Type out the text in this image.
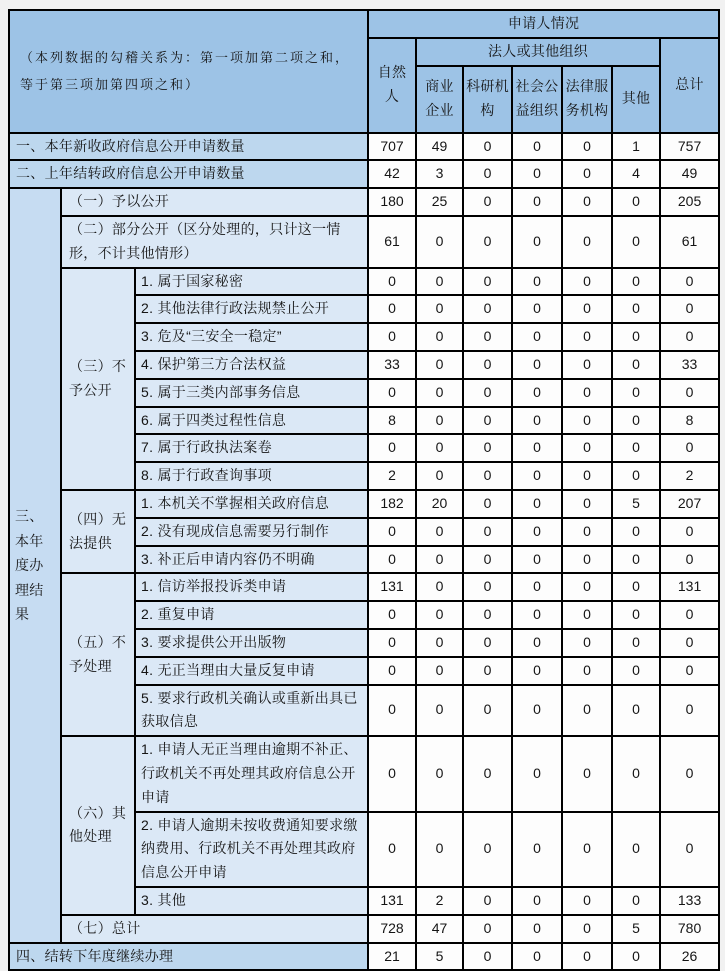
（本列数据的勾稽关系为：第一项加第二项之和，等于第三项加第四项之和）			申请人情况						
			自然人	法人或其他组织					总计
				商业企业	科研机构	社会公益组织	法律服务机构	其他	
一、本年新收政府信息公开申请数量			707	49	0	0	0	1	757
二、上年结转政府信息公开申请数量			42	3	0	0	0	4	49
三、本年度办理结果	（一）予以公开		180	25	0	0	0	0	205
	（二）部分公开（区分处理的，只计这一情形，不计其他情形）		61	0	0	0	0	0	61
	（三）不予公开	1. 属于国家秘密	0	0	0	0	0	0	0
		2. 其他法律行政法规禁止公开	0	0	0	0	0	0	0
		3. 危及“三安全一稳定”	0	0	0	0	0	0	0
		4. 保护第三方合法权益	33	0	0	0	0	0	33
		5. 属于三类内部事务信息	0	0	0	0	0	0	0
		6. 属于四类过程性信息	8	0	0	0	0	0	8
		7. 属于行政执法案卷	0	0	0	0	0	0	0
		8. 属于行政查询事项	2	0	0	0	0	0	2
	（四）无法提供	1. 本机关不掌握相关政府信息	182	20	0	0	0	5	207
		2. 没有现成信息需要另行制作	0	0	0	0	0	0	0
		3. 补正后申请内容仍不明确	0	0	0	0	0	0	0
	（五）不予处理	1. 信访举报投诉类申请	131	0	0	0	0	0	131
		2. 重复申请	0	0	0	0	0	0	0
		3. 要求提供公开出版物	0	0	0	0	0	0	0
		4. 无正当理由大量反复申请	0	0	0	0	0	0	0
		5. 要求行政机关确认或重新出具已获取信息	0	0	0	0	0	0	0
	（六）其他处理	1. 申请人无正当理由逾期不补正、行政机关不再处理其政府信息公开申请	0	0	0	0	0	0	0
		2. 申请人逾期未按收费通知要求缴纳费用、行政机关不再处理其政府信息公开申请	0	0	0	0	0	0	0
		3. 其他	131	2	0	0	0	0	133
	（七）总计		728	47	0	0	0	5	780
四、结转下年度继续办理			21	5	0	0	0	0	26
